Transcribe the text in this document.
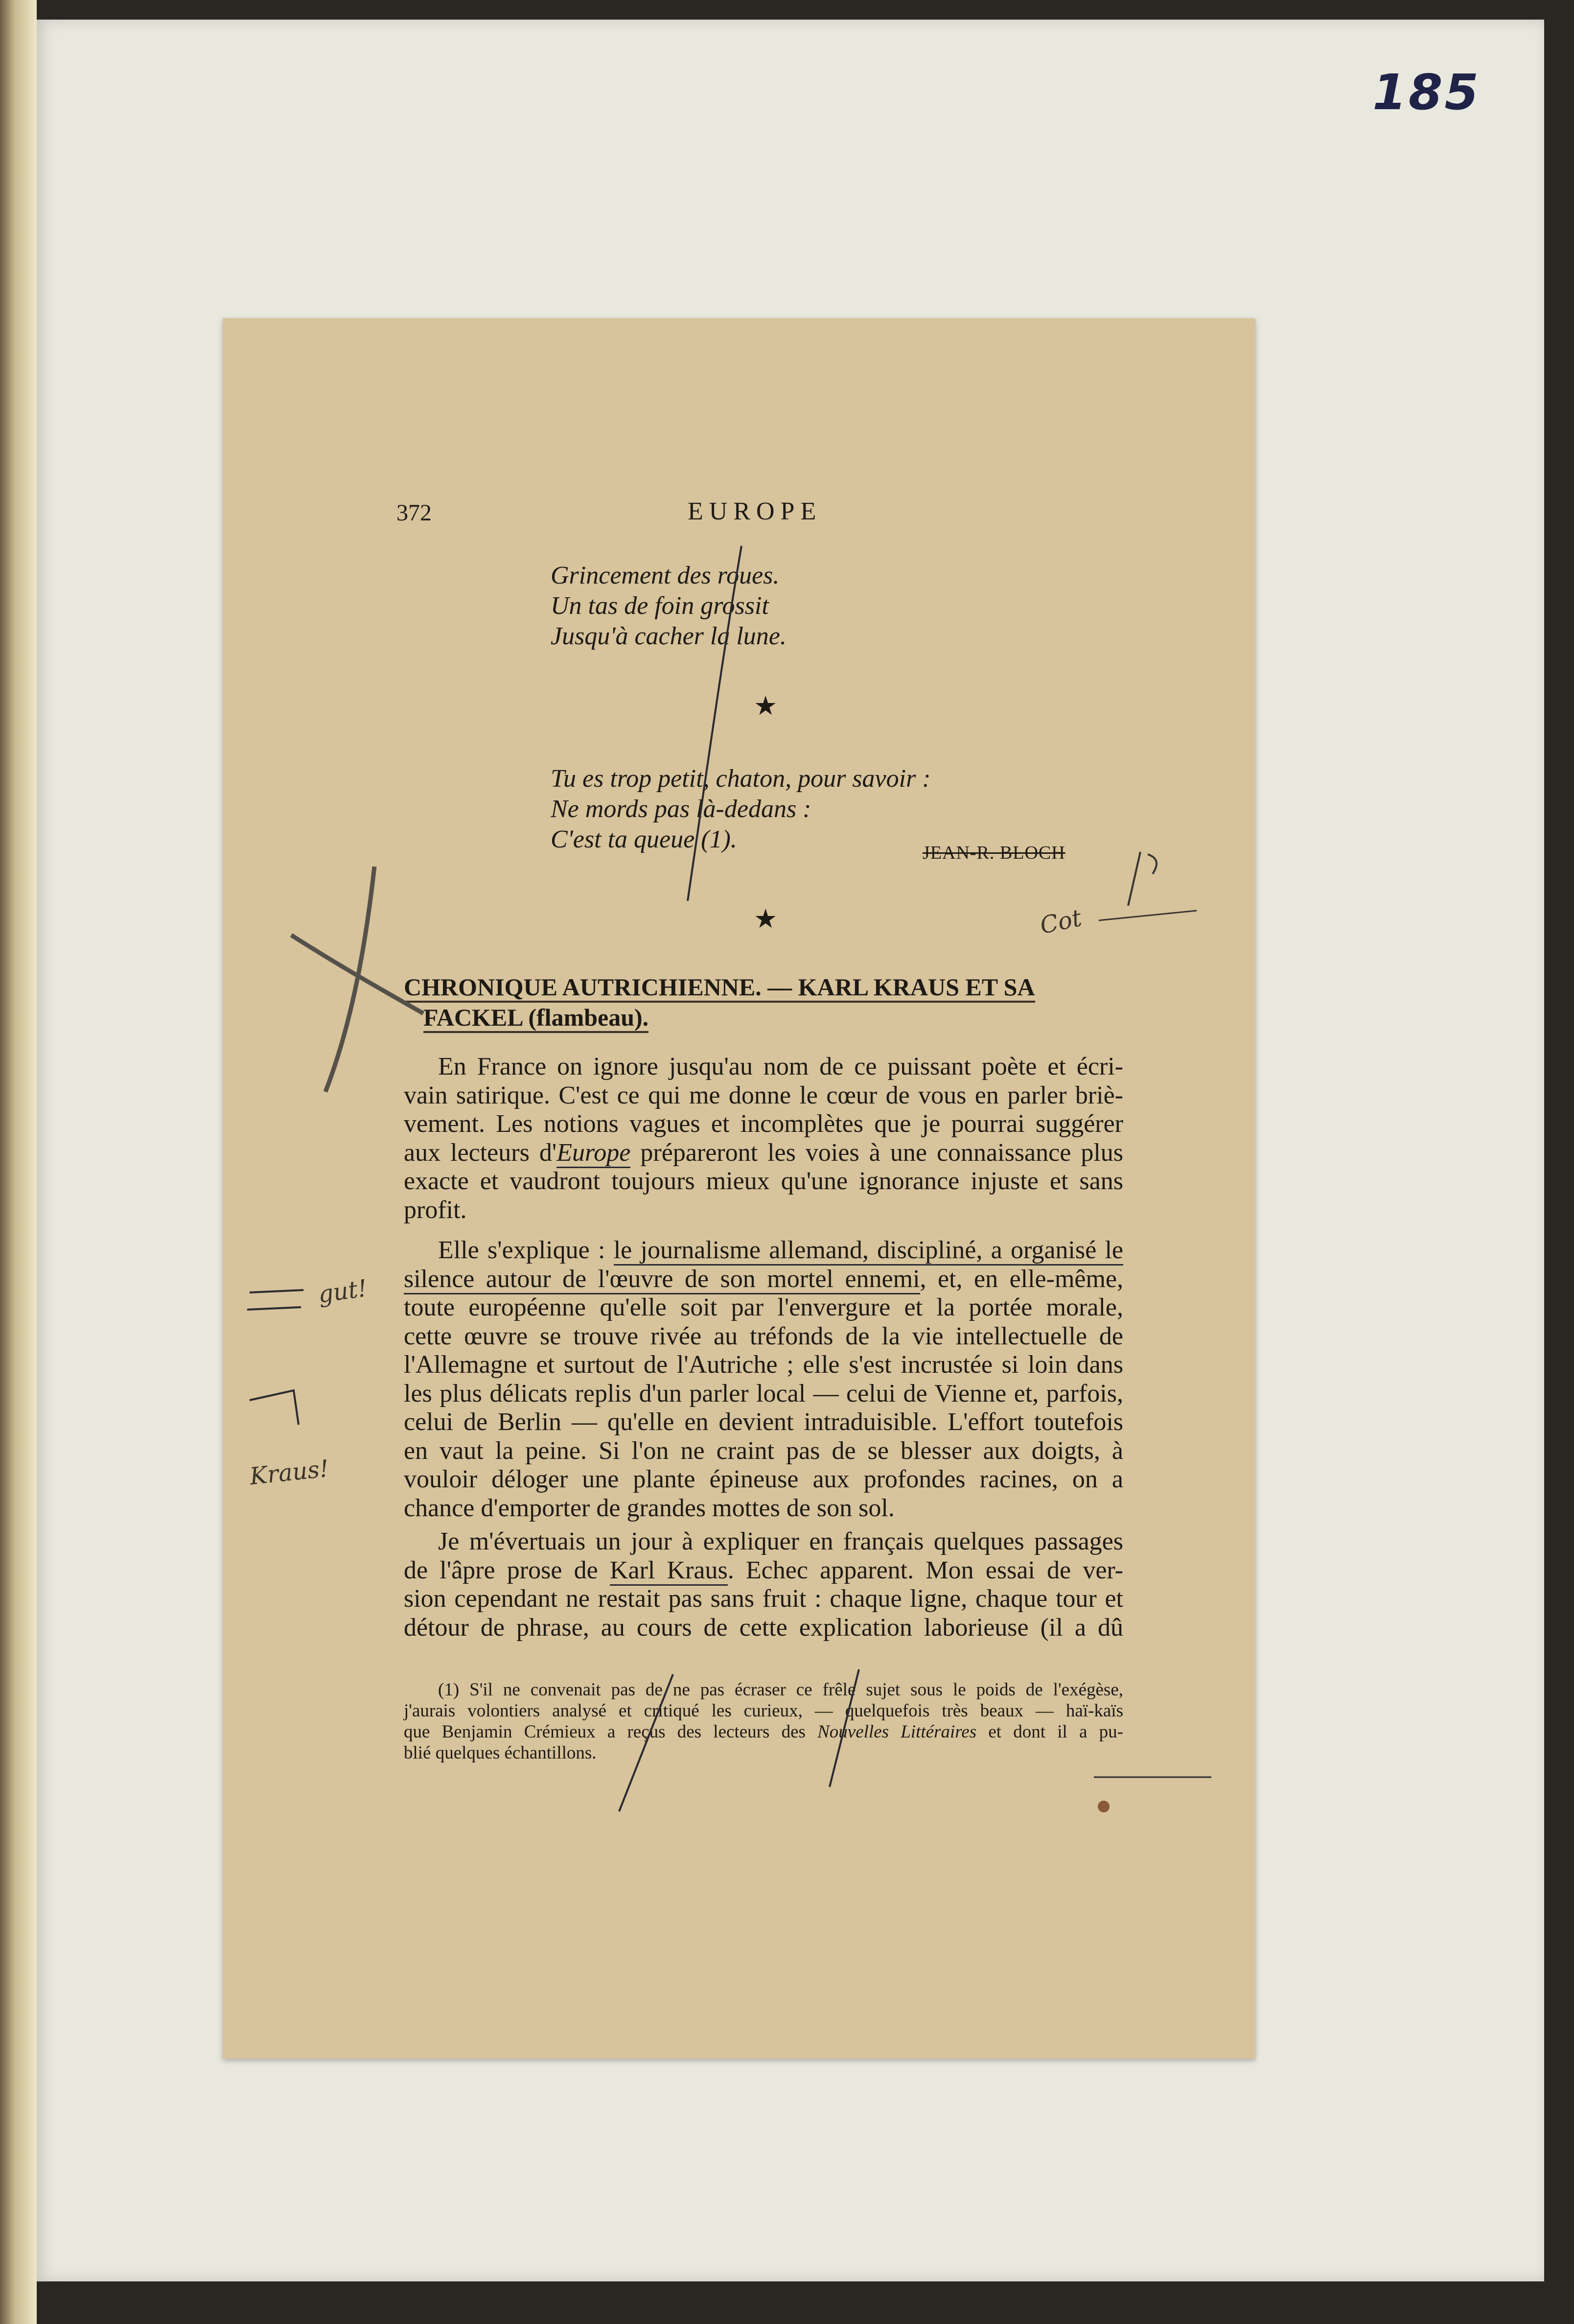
185
372	EUROPE
Grincement des roues.
Un tas de foin grossit
Jusqu'à cacher la lune.
★
Tu es trop petit, chaton, pour savoir :
Ne mords pas là-dedans :
C'est ta queue (1).	JEAN-R. BLOCH
★
CHRONIQUE AUTRICHIENNE. — KARL KRAUS ET SA
FACKEL (flambeau).

En France on ignore jusqu'au nom de ce puissant poète et écri-
vain satirique. C'est ce qui me donne le cœur de vous en parler briè-
vement. Les notions vagues et incomplètes que je pourrai suggérer
aux lecteurs d'Europe prépareront les voies à une connaissance plus
exacte et vaudront toujours mieux qu'une ignorance injuste et sans
profit.

Elle s'explique : le journalisme allemand, discipliné, a organisé le
silence autour de l'œuvre de son mortel ennemi, et, en elle-même,
toute européenne qu'elle soit par l'envergure et la portée morale,
cette œuvre se trouve rivée au tréfonds de la vie intellectuelle de
l'Allemagne et surtout de l'Autriche ; elle s'est incrustée si loin dans
les plus délicats replis d'un parler local — celui de Vienne et, parfois,
celui de Berlin — qu'elle en devient intraduisible. L'effort toutefois
en vaut la peine. Si l'on ne craint pas de se blesser aux doigts, à
vouloir déloger une plante épineuse aux profondes racines, on a
chance d'emporter de grandes mottes de son sol.

Je m'évertuais un jour à expliquer en français quelques passages
de l'âpre prose de Karl Kraus. Echec apparent. Mon essai de ver-
sion cependant ne restait pas sans fruit : chaque ligne, chaque tour et
détour de phrase, au cours de cette explication laborieuse (il a dû

(1) S'il ne convenait pas de ne pas écraser ce frêle sujet sous le poids de l'exégèse,
j'aurais volontiers analysé et critiqué les curieux, — quelquefois très beaux — haï-kaïs
que Benjamin Crémieux a reçus des lecteurs des Nouvelles Littéraires et dont il a pu-
blié quelques échantillons.
Cot
Kraus!
gut!
